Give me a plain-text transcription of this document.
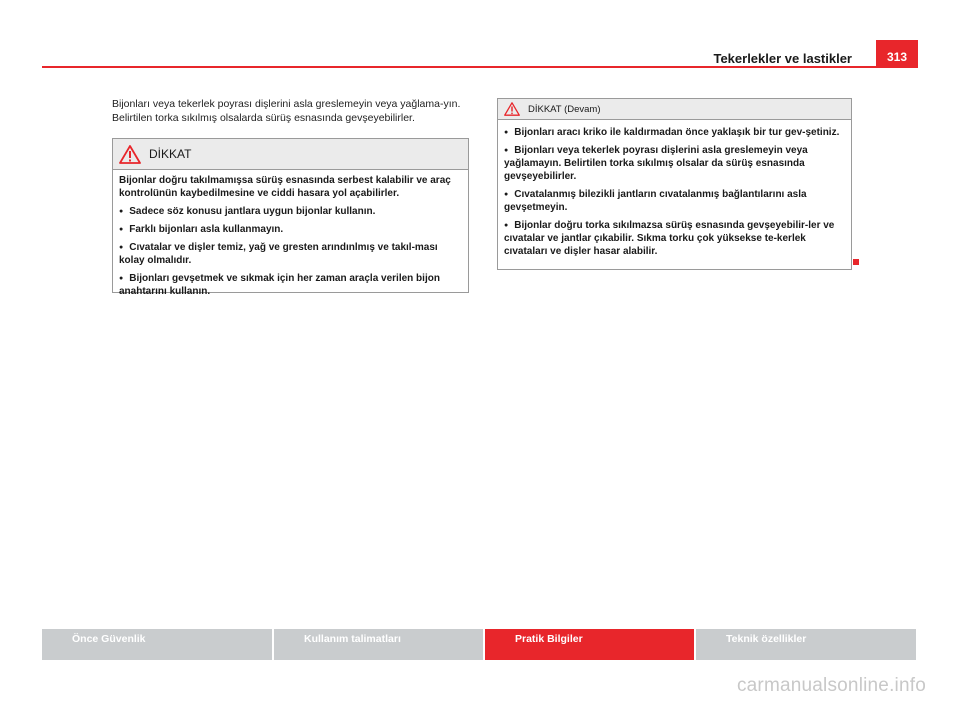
Tekerlekler ve lastikler	313
Bijonları veya tekerlek poyrası dişlerini asla greslemeyin veya yağlama-yın. Belirtilen torka sıkılmış olsalarda sürüş esnasında gevşeyebilirler.
DİKKAT

Bijonlar doğru takılmamışsa sürüş esnasında serbest kalabilir ve araç kontrolünün kaybedilmesine ve ciddi hasara yol açabilirler.

● Sadece söz konusu jantlara uygun bijonlar kullanın.
● Farklı bijonları asla kullanmayın.
● Cıvatalar ve dişler temiz, yağ ve gresten arındınlmış ve takıl-ması kolay olmalıdır.
● Bijonları gevşetmek ve sıkmak için her zaman araçla verilen bijon anahtarını kullanın.
DİKKAT (Devam)
● Bijonları aracı kriko ile kaldırmadan önce yaklaşık bir tur gev-şetiniz.
● Bijonları veya tekerlek poyrası dişlerini asla greslemeyin veya yağlamayın. Belirtilen torka sıkılmış olsalar da sürüş esnasında gevşeyebilirler.
● Cıvatalanmış bilezikli jantların cıvatalanmış bağlantılarını asla gevşetmeyin.
● Bijonlar doğru torka sıkılmazsa sürüş esnasında gevşeyebilir-ler ve cıvatalar ve jantlar çıkabilir. Sıkma torku çok yüksekse te-kerlek cıvataları ve dişler hasar alabilir.
Önce Güvenlik	Kullanım talimatları	Pratik Bilgiler	Teknik özellikler
carmanualsonline.info
